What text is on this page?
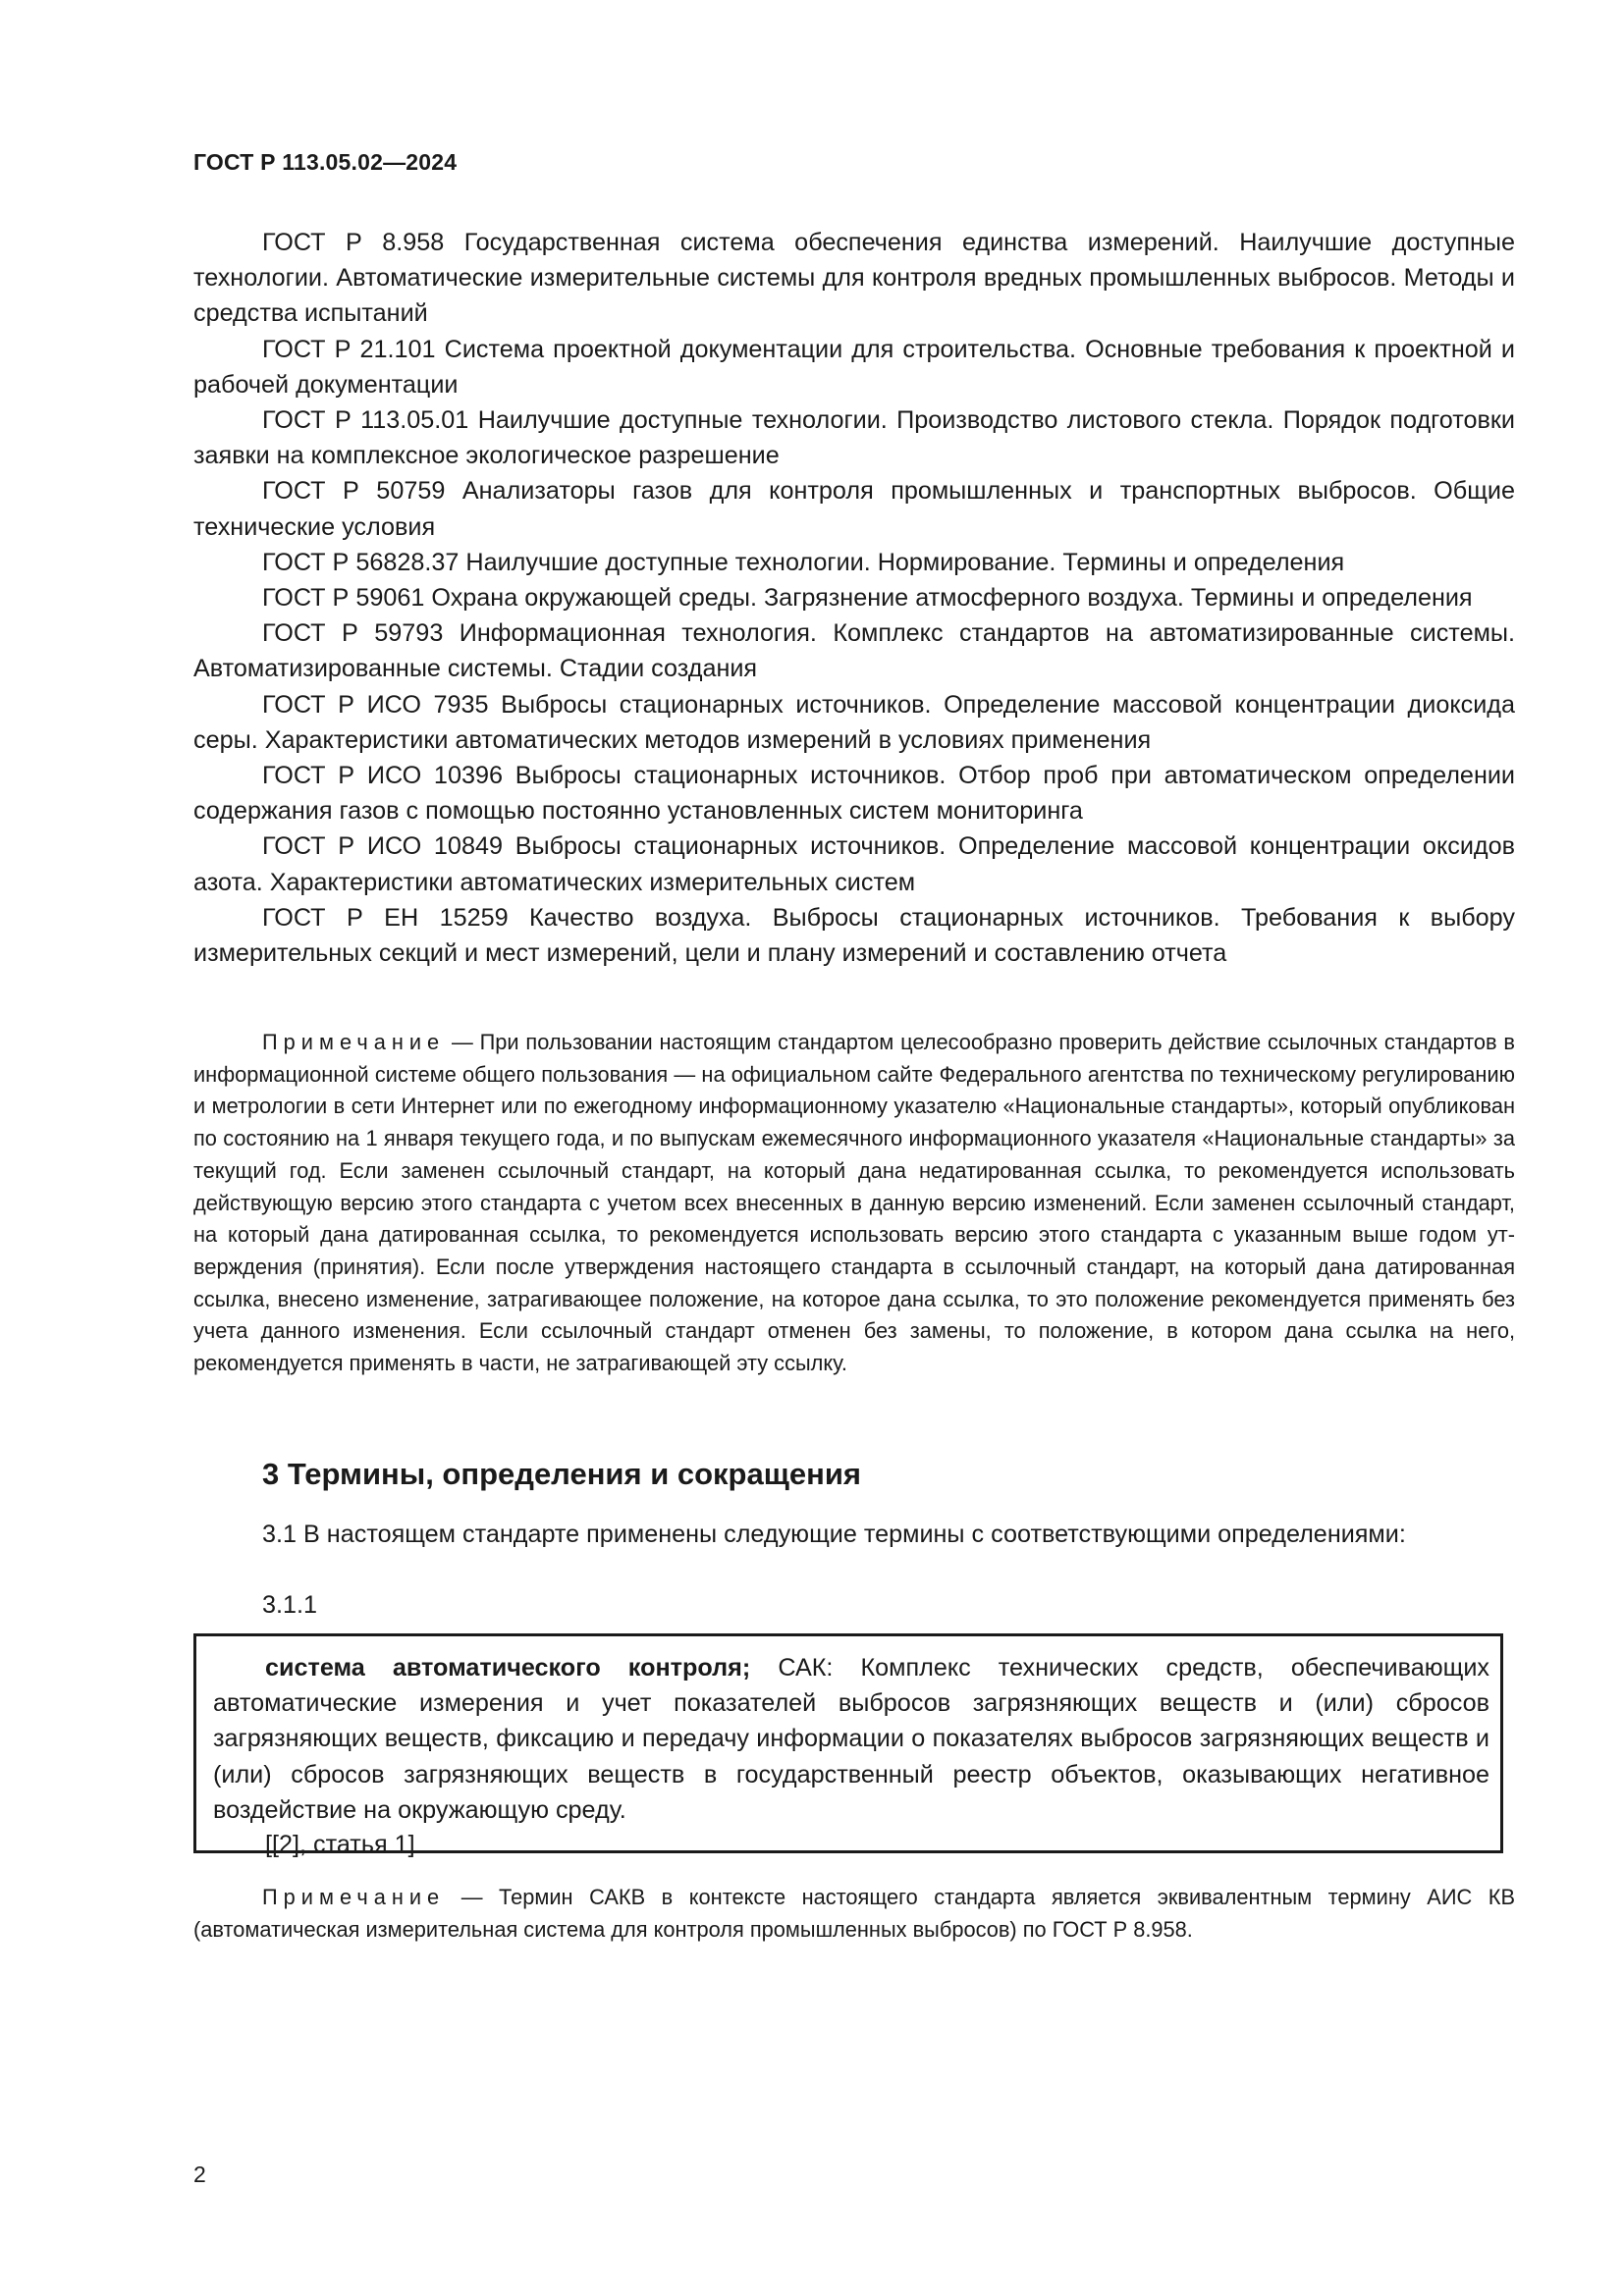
ГОСТ Р 113.05.02—2024

ГОСТ Р 8.958 Государственная система обеспечения единства измерений. Наилучшие доступные технологии. Автоматические измерительные системы для контроля вредных промышленных выбросов. Методы и средства испытаний

ГОСТ Р 21.101 Система проектной документации для строительства. Основные требования к проектной и рабочей документации

ГОСТ Р 113.05.01 Наилучшие доступные технологии. Производство листового стекла. Порядок подготовки заявки на комплексное экологическое разрешение

ГОСТ Р 50759 Анализаторы газов для контроля промышленных и транспортных выбросов. Общие технические условия

ГОСТ Р 56828.37 Наилучшие доступные технологии. Нормирование. Термины и определения

ГОСТ Р 59061 Охрана окружающей среды. Загрязнение атмосферного воздуха. Термины и определения

ГОСТ Р 59793 Информационная технология. Комплекс стандартов на автоматизированные системы. Автоматизированные системы. Стадии создания

ГОСТ Р ИСО 7935 Выбросы стационарных источников. Определение массовой концентрации диоксида серы. Характеристики автоматических методов измерений в условиях применения

ГОСТ Р ИСО 10396 Выбросы стационарных источников. Отбор проб при автоматическом определении содержания газов с помощью постоянно установленных систем мониторинга

ГОСТ Р ИСО 10849 Выбросы стационарных источников. Определение массовой концентрации оксидов азота. Характеристики автоматических измерительных систем

ГОСТ Р ЕН 15259 Качество воздуха. Выбросы стационарных источников. Требования к выбору измерительных секций и мест измерений, цели и плану измерений и составлению отчета

Примечание — При пользовании настоящим стандартом целесообразно проверить действие ссылочных стандартов в информационной системе общего пользования — на официальном сайте Федерального агентства по техническому регулированию и метрологии в сети Интернет или по ежегодному информационному указателю «Национальные стандарты», который опубликован по состоянию на 1 января текущего года, и по выпускам ежемесячного информационного указателя «Национальные стандарты» за текущий год. Если заменен ссылочный стандарт, на который дана недатированная ссылка, то рекомендуется использовать действующую версию этого стандарта с учетом всех внесенных в данную версию изменений. Если заменен ссылочный стандарт, на который дана датированная ссылка, то рекомендуется использовать версию этого стандарта с указанным выше годом утверждения (принятия). Если после утверждения настоящего стандарта в ссылочный стандарт, на который дана датированная ссылка, внесено изменение, затрагивающее положение, на которое дана ссылка, то это положение рекомендуется применять без учета данного изменения. Если ссылочный стандарт отменен без замены, то положение, в котором дана ссылка на него, рекомендуется применять в части, не затрагивающей эту ссылку.
3 Термины, определения и сокращения
3.1 В настоящем стандарте применены следующие термины с соответствующими определениями:
3.1.1
система автоматического контроля; САК: Комплекс технических средств, обеспечивающих автоматические измерения и учет показателей выбросов загрязняющих веществ и (или) сбросов загрязняющих веществ, фиксацию и передачу информации о показателях выбросов загрязняющих веществ и (или) сбросов загрязняющих веществ в государственный реестр объектов, оказывающих негативное воздействие на окружающую среду.
[[2], статья 1]
Примечание — Термин САКВ в контексте настоящего стандарта является эквивалентным термину АИС КВ (автоматическая измерительная система для контроля промышленных выбросов) по ГОСТ Р 8.958.
2
